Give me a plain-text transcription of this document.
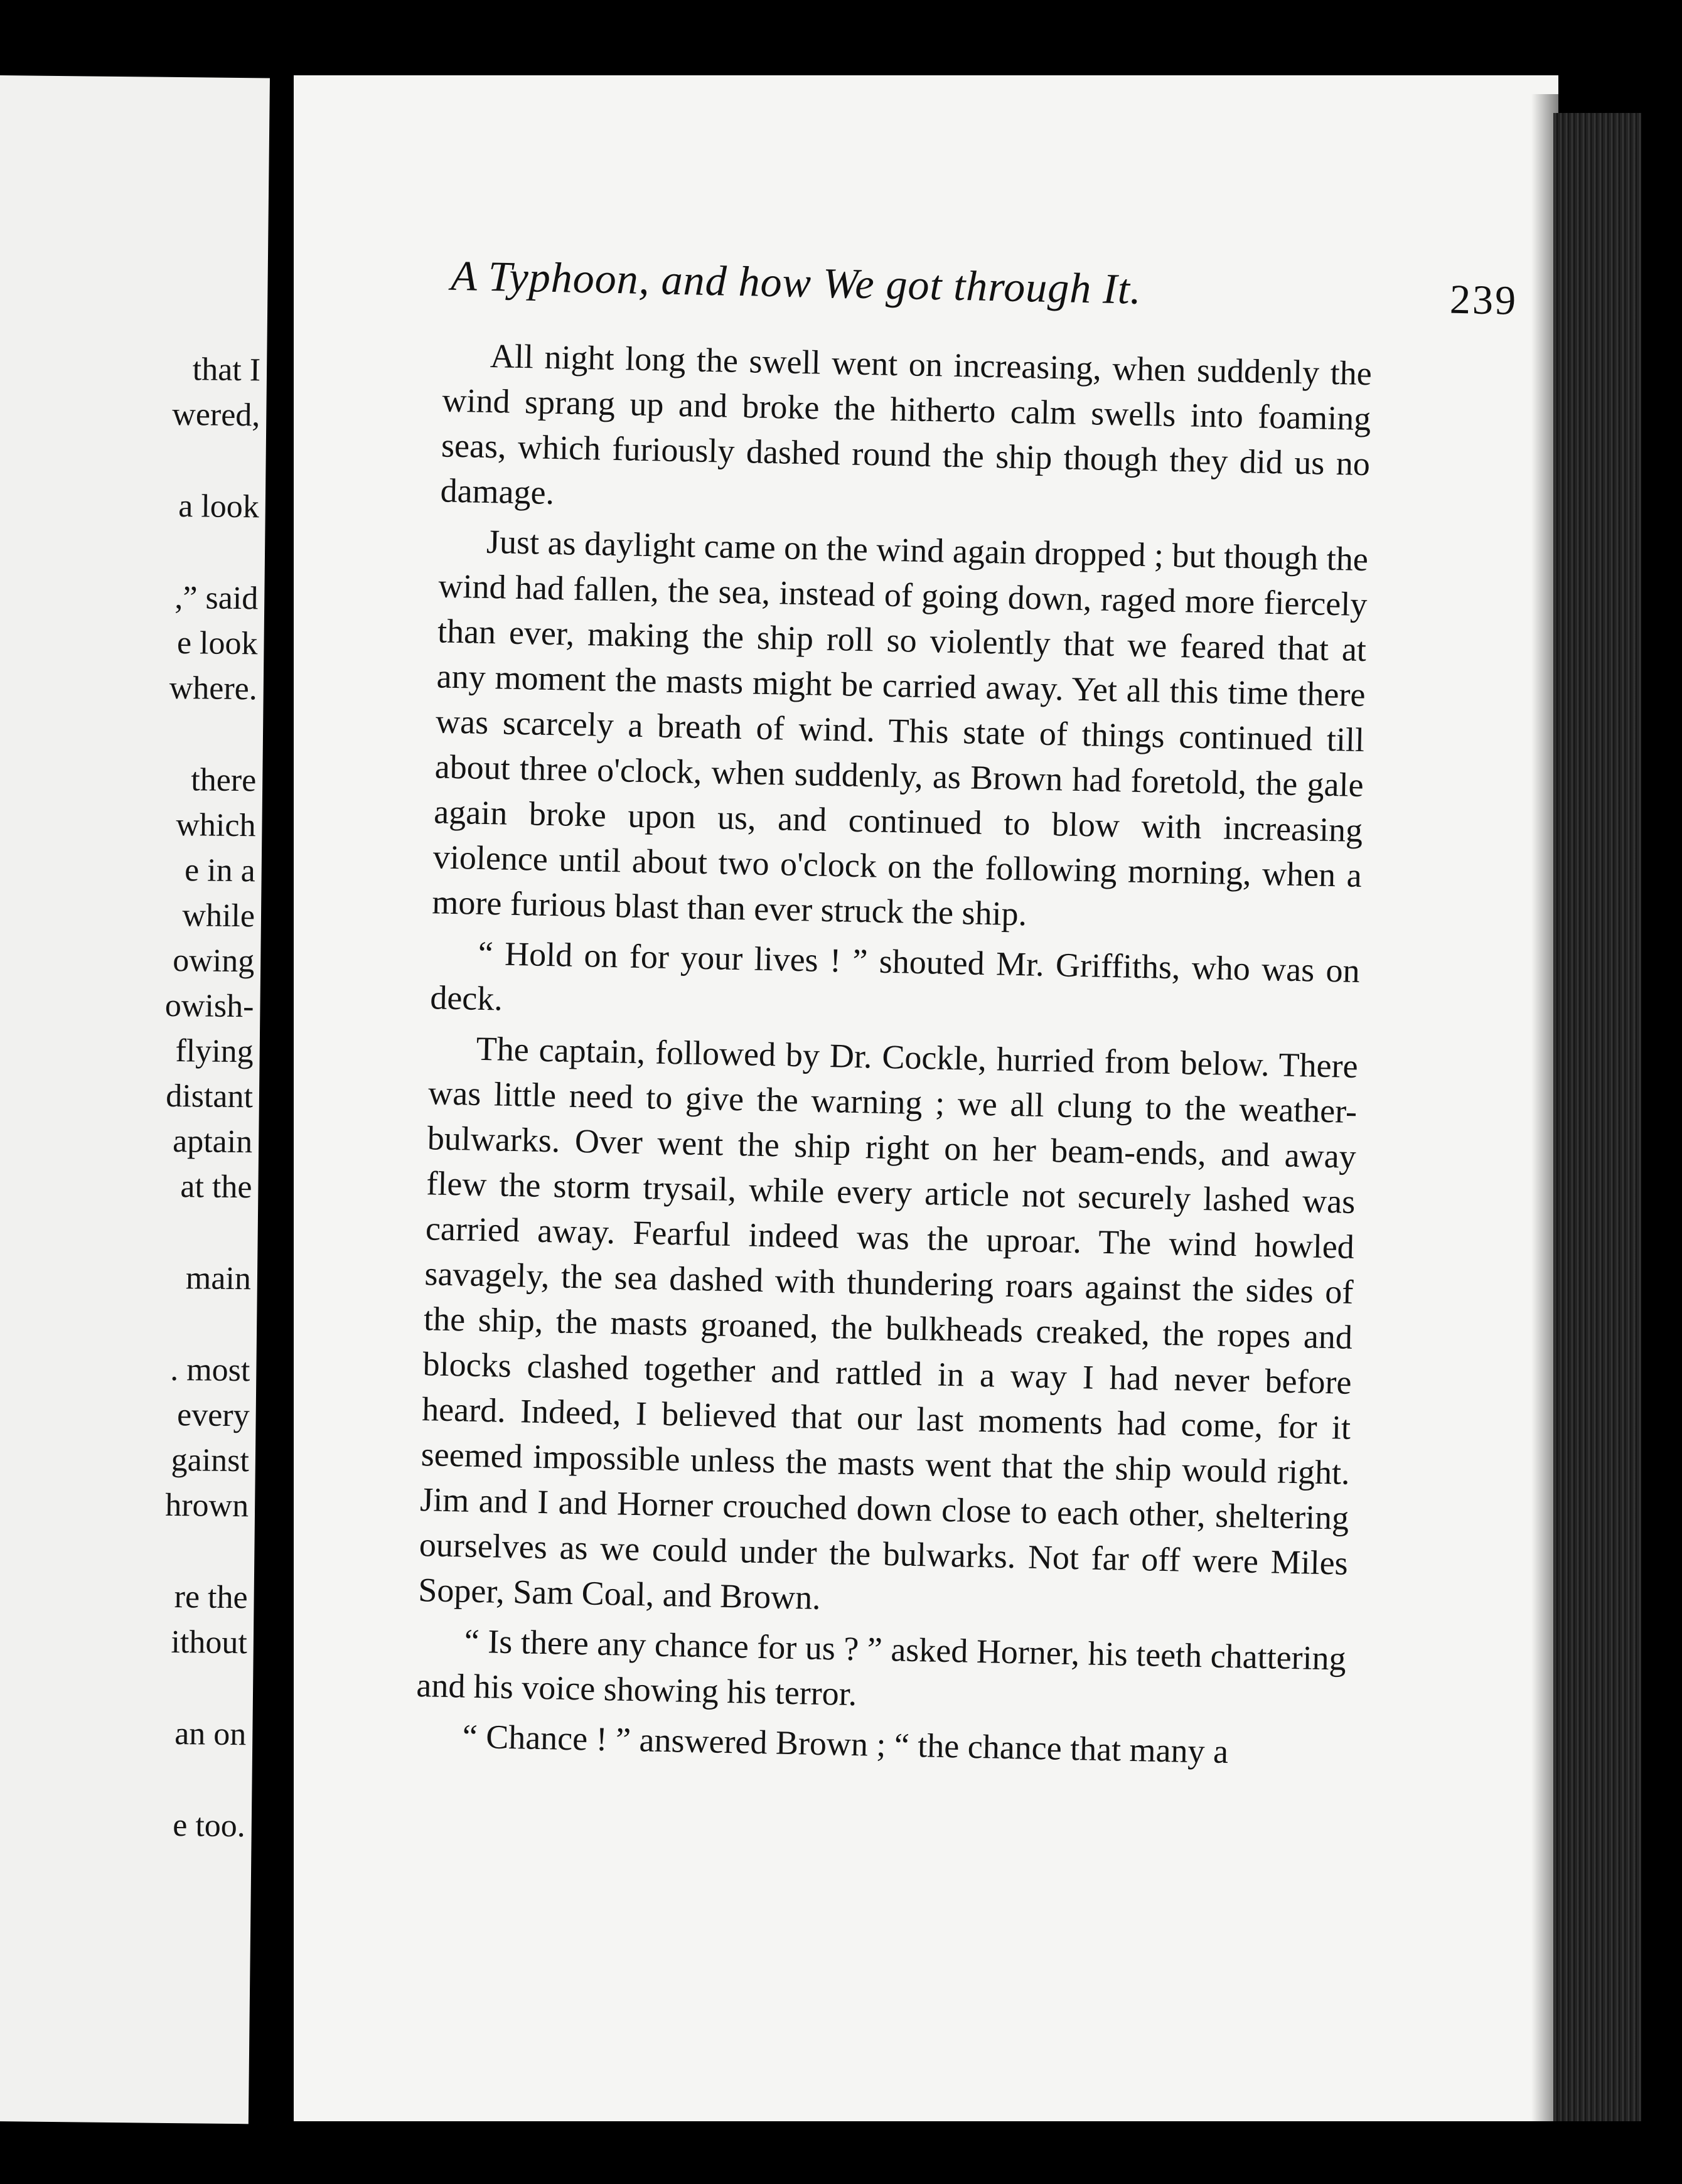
that I
wered,
a look
,” said
e look
where.
there
which
e in a
while
owing
owish-
flying
distant
aptain
at the
main
. most
every
gainst
hrown
re the
ithout
an on
e too.
A Typhoon, and how We got through It.	239

All night long the swell went on increasing, when suddenly the wind sprang up and broke the hitherto calm swells into foaming seas, which furiously dashed round the ship though they did us no damage.

Just as daylight came on the wind again dropped ; but though the wind had fallen, the sea, instead of going down, raged more fiercely than ever, making the ship roll so violently that we feared that at any moment the masts might be carried away. Yet all this time there was scarcely a breath of wind. This state of things continued till about three o'clock, when suddenly, as Brown had foretold, the gale again broke upon us, and continued to blow with increasing violence until about two o'clock on the following morning, when a more furious blast than ever struck the ship.

“ Hold on for your lives ! ” shouted Mr. Griffiths, who was on deck.

The captain, followed by Dr. Cockle, hurried from below. There was little need to give the warning ; we all clung to the weather-bulwarks. Over went the ship right on her beam-ends, and away flew the storm trysail, while every article not securely lashed was carried away. Fearful indeed was the uproar. The wind howled savagely, the sea dashed with thundering roars against the sides of the ship, the masts groaned, the bulkheads creaked, the ropes and blocks clashed together and rattled in a way I had never before heard. Indeed, I believed that our last moments had come, for it seemed impossible unless the masts went that the ship would right. Jim and I and Horner crouched down close to each other, sheltering ourselves as we could under the bulwarks. Not far off were Miles Soper, Sam Coal, and Brown.

“ Is there any chance for us ? ” asked Horner, his teeth chattering and his voice showing his terror.

“ Chance ! ” answered Brown ; “ the chance that many a
